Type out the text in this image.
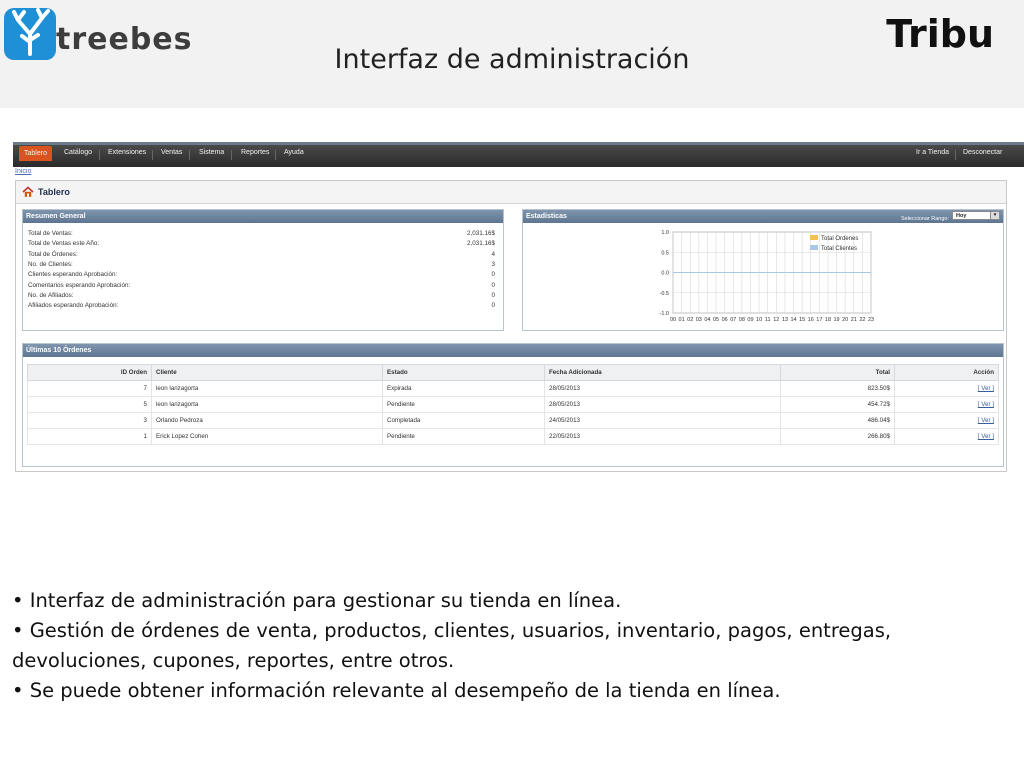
treebes
Interfaz de administración
Tribu
Tablero	Catálogo Extensiones Ventas Sistema Reportes Ayuda	Ir a Tienda Desconectar
Inicio
Tablero
Resumen General
Total de Ventas:	2,031.16$
Total de Ventas este Año:	2,031.16$
Total de Órdenes:	4
No. de Clientes:	3
Clientes esperando Aprobación:	0
Comentarios esperando Aprobación:	0
No. de Afiliados:	0
Afiliados esperando Aprobación:	0
Estadísticas	Seleccionar Rango:	Hoy	▾
00 01 02 03 04 05 06 07 08 09 10 11 12 13 14 15 16 17 18 19 20 21 22 23
1.0
0.5
0.0
-0.5
-1.0
Total Ordenes
Total Clientes
Últimas 10 Órdenes
ID Orden	Cliente	Estado	Fecha Adicionada	Total	Acción
7	leon lanzagorta	Expirada	28/05/2013	823.50$	[ Ver ]
5	leon lanzagorta	Pendiente	28/05/2013	454.72$	[ Ver ]
3	Orlando Pedroza	Completada	24/05/2013	486.04$	[ Ver ]
1	Erick Lopez Cohen	Pendiente	22/05/2013	266.80$	[ Ver ]

• Interfaz de administración para gestionar su tienda en línea.

• Gestión de órdenes de venta, productos, clientes, usuarios, inventario, pagos, entregas, devoluciones, cupones, reportes, entre otros.

• Se puede obtener información relevante al desempeño de la tienda en línea.
